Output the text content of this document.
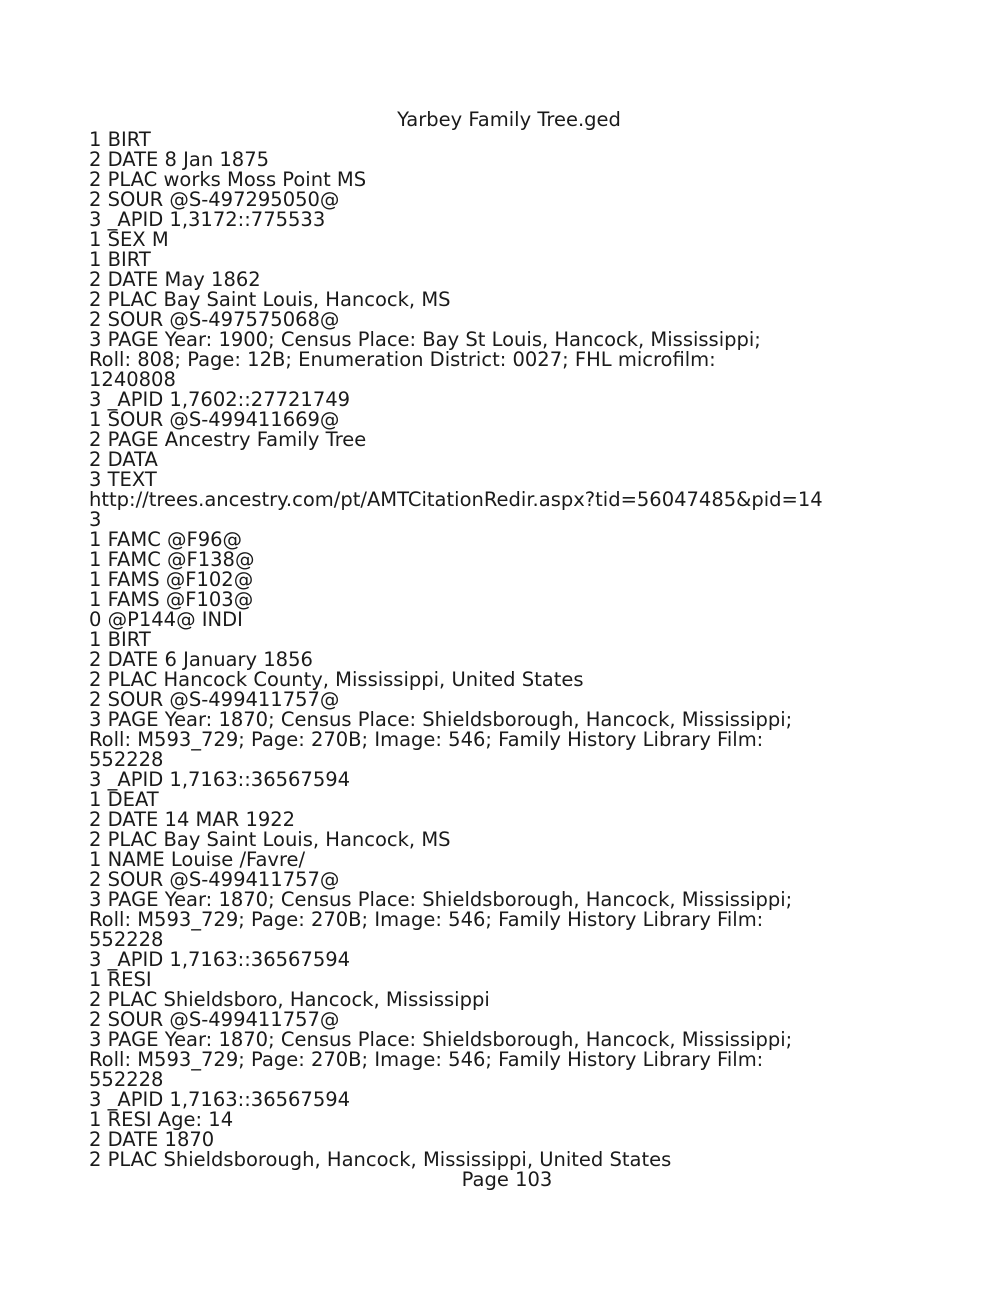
Yarbey Family Tree.ged
1 BIRT
2 DATE 8 Jan 1875
2 PLAC works Moss Point MS
2 SOUR @S-497295050@
3 _APID 1,3172::775533
1 SEX M
1 BIRT
2 DATE May 1862
2 PLAC Bay Saint Louis, Hancock, MS
2 SOUR @S-497575068@
3 PAGE Year: 1900; Census Place: Bay St Louis, Hancock, Mississippi;
Roll: 808; Page: 12B; Enumeration District: 0027; FHL microfilm:
1240808
3 _APID 1,7602::27721749
1 SOUR @S-499411669@
2 PAGE Ancestry Family Tree
2 DATA
3 TEXT
http://trees.ancestry.com/pt/AMTCitationRedir.aspx?tid=56047485&pid=14
3
1 FAMC @F96@
1 FAMC @F138@
1 FAMS @F102@
1 FAMS @F103@
0 @P144@ INDI
1 BIRT
2 DATE 6 January 1856
2 PLAC Hancock County, Mississippi, United States
2 SOUR @S-499411757@
3 PAGE Year: 1870; Census Place: Shieldsborough, Hancock, Mississippi;
Roll: M593_729; Page: 270B; Image: 546; Family History Library Film:
552228
3 _APID 1,7163::36567594
1 DEAT
2 DATE 14 MAR 1922
2 PLAC Bay Saint Louis, Hancock, MS
1 NAME Louise /Favre/
2 SOUR @S-499411757@
3 PAGE Year: 1870; Census Place: Shieldsborough, Hancock, Mississippi;
Roll: M593_729; Page: 270B; Image: 546; Family History Library Film:
552228
3 _APID 1,7163::36567594
1 RESI
2 PLAC Shieldsboro, Hancock, Mississippi
2 SOUR @S-499411757@
3 PAGE Year: 1870; Census Place: Shieldsborough, Hancock, Mississippi;
Roll: M593_729; Page: 270B; Image: 546; Family History Library Film:
552228
3 _APID 1,7163::36567594
1 RESI Age: 14
2 DATE 1870
2 PLAC Shieldsborough, Hancock, Mississippi, United States
Page 103
